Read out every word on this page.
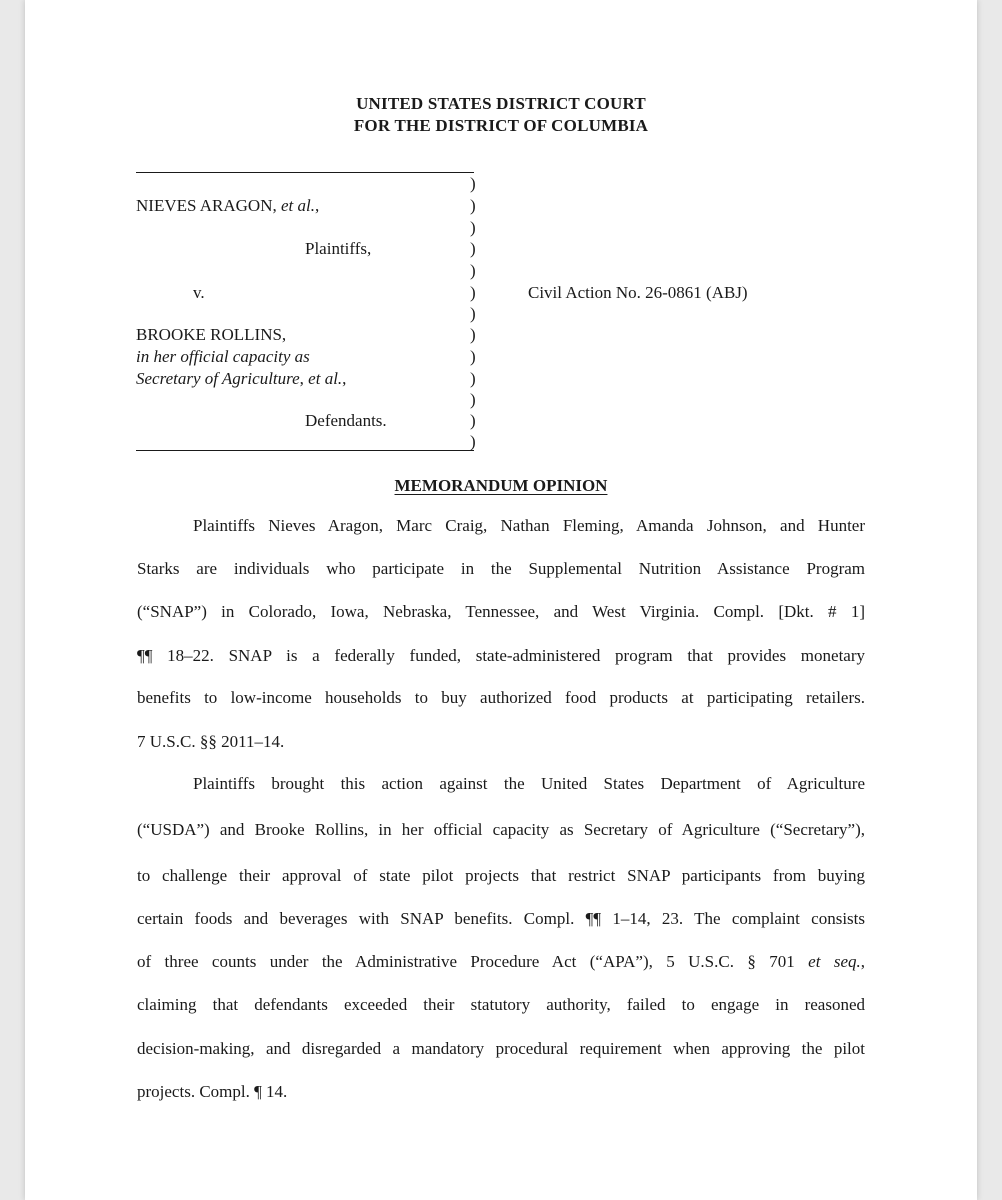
UNITED STATES DISTRICT COURT
FOR THE DISTRICT OF COLUMBIA
)
)
)
)
)
)
)
)
)
)
)
)
)
NIEVES ARAGON, et al.,
Plaintiffs,
v.
BROOKE ROLLINS,
in her official capacity as
Secretary of Agriculture, et al.,
Defendants.
Civil Action No. 26-0861 (ABJ)
MEMORANDUM OPINION
Plaintiffs Nieves Aragon, Marc Craig, Nathan Fleming, Amanda Johnson, and Hunter
Starks are individuals who participate in the Supplemental Nutrition Assistance Program
(“SNAP”) in Colorado, Iowa, Nebraska, Tennessee, and West Virginia. Compl. [Dkt. # 1]
¶¶ 18–22. SNAP is a federally funded, state-administered program that provides monetary
benefits to low-income households to buy authorized food products at participating retailers.
7 U.S.C. §§ 2011–14.
Plaintiffs brought this action against the United States Department of Agriculture
(“USDA”) and Brooke Rollins, in her official capacity as Secretary of Agriculture (“Secretary”),
to challenge their approval of state pilot projects that restrict SNAP participants from buying
certain foods and beverages with SNAP benefits. Compl. ¶¶ 1–14, 23. The complaint consists
of three counts under the Administrative Procedure Act (“APA”), 5 U.S.C. § 701 et seq.,
claiming that defendants exceeded their statutory authority, failed to engage in reasoned
decision-making, and disregarded a mandatory procedural requirement when approving the pilot
projects. Compl. ¶ 14.
